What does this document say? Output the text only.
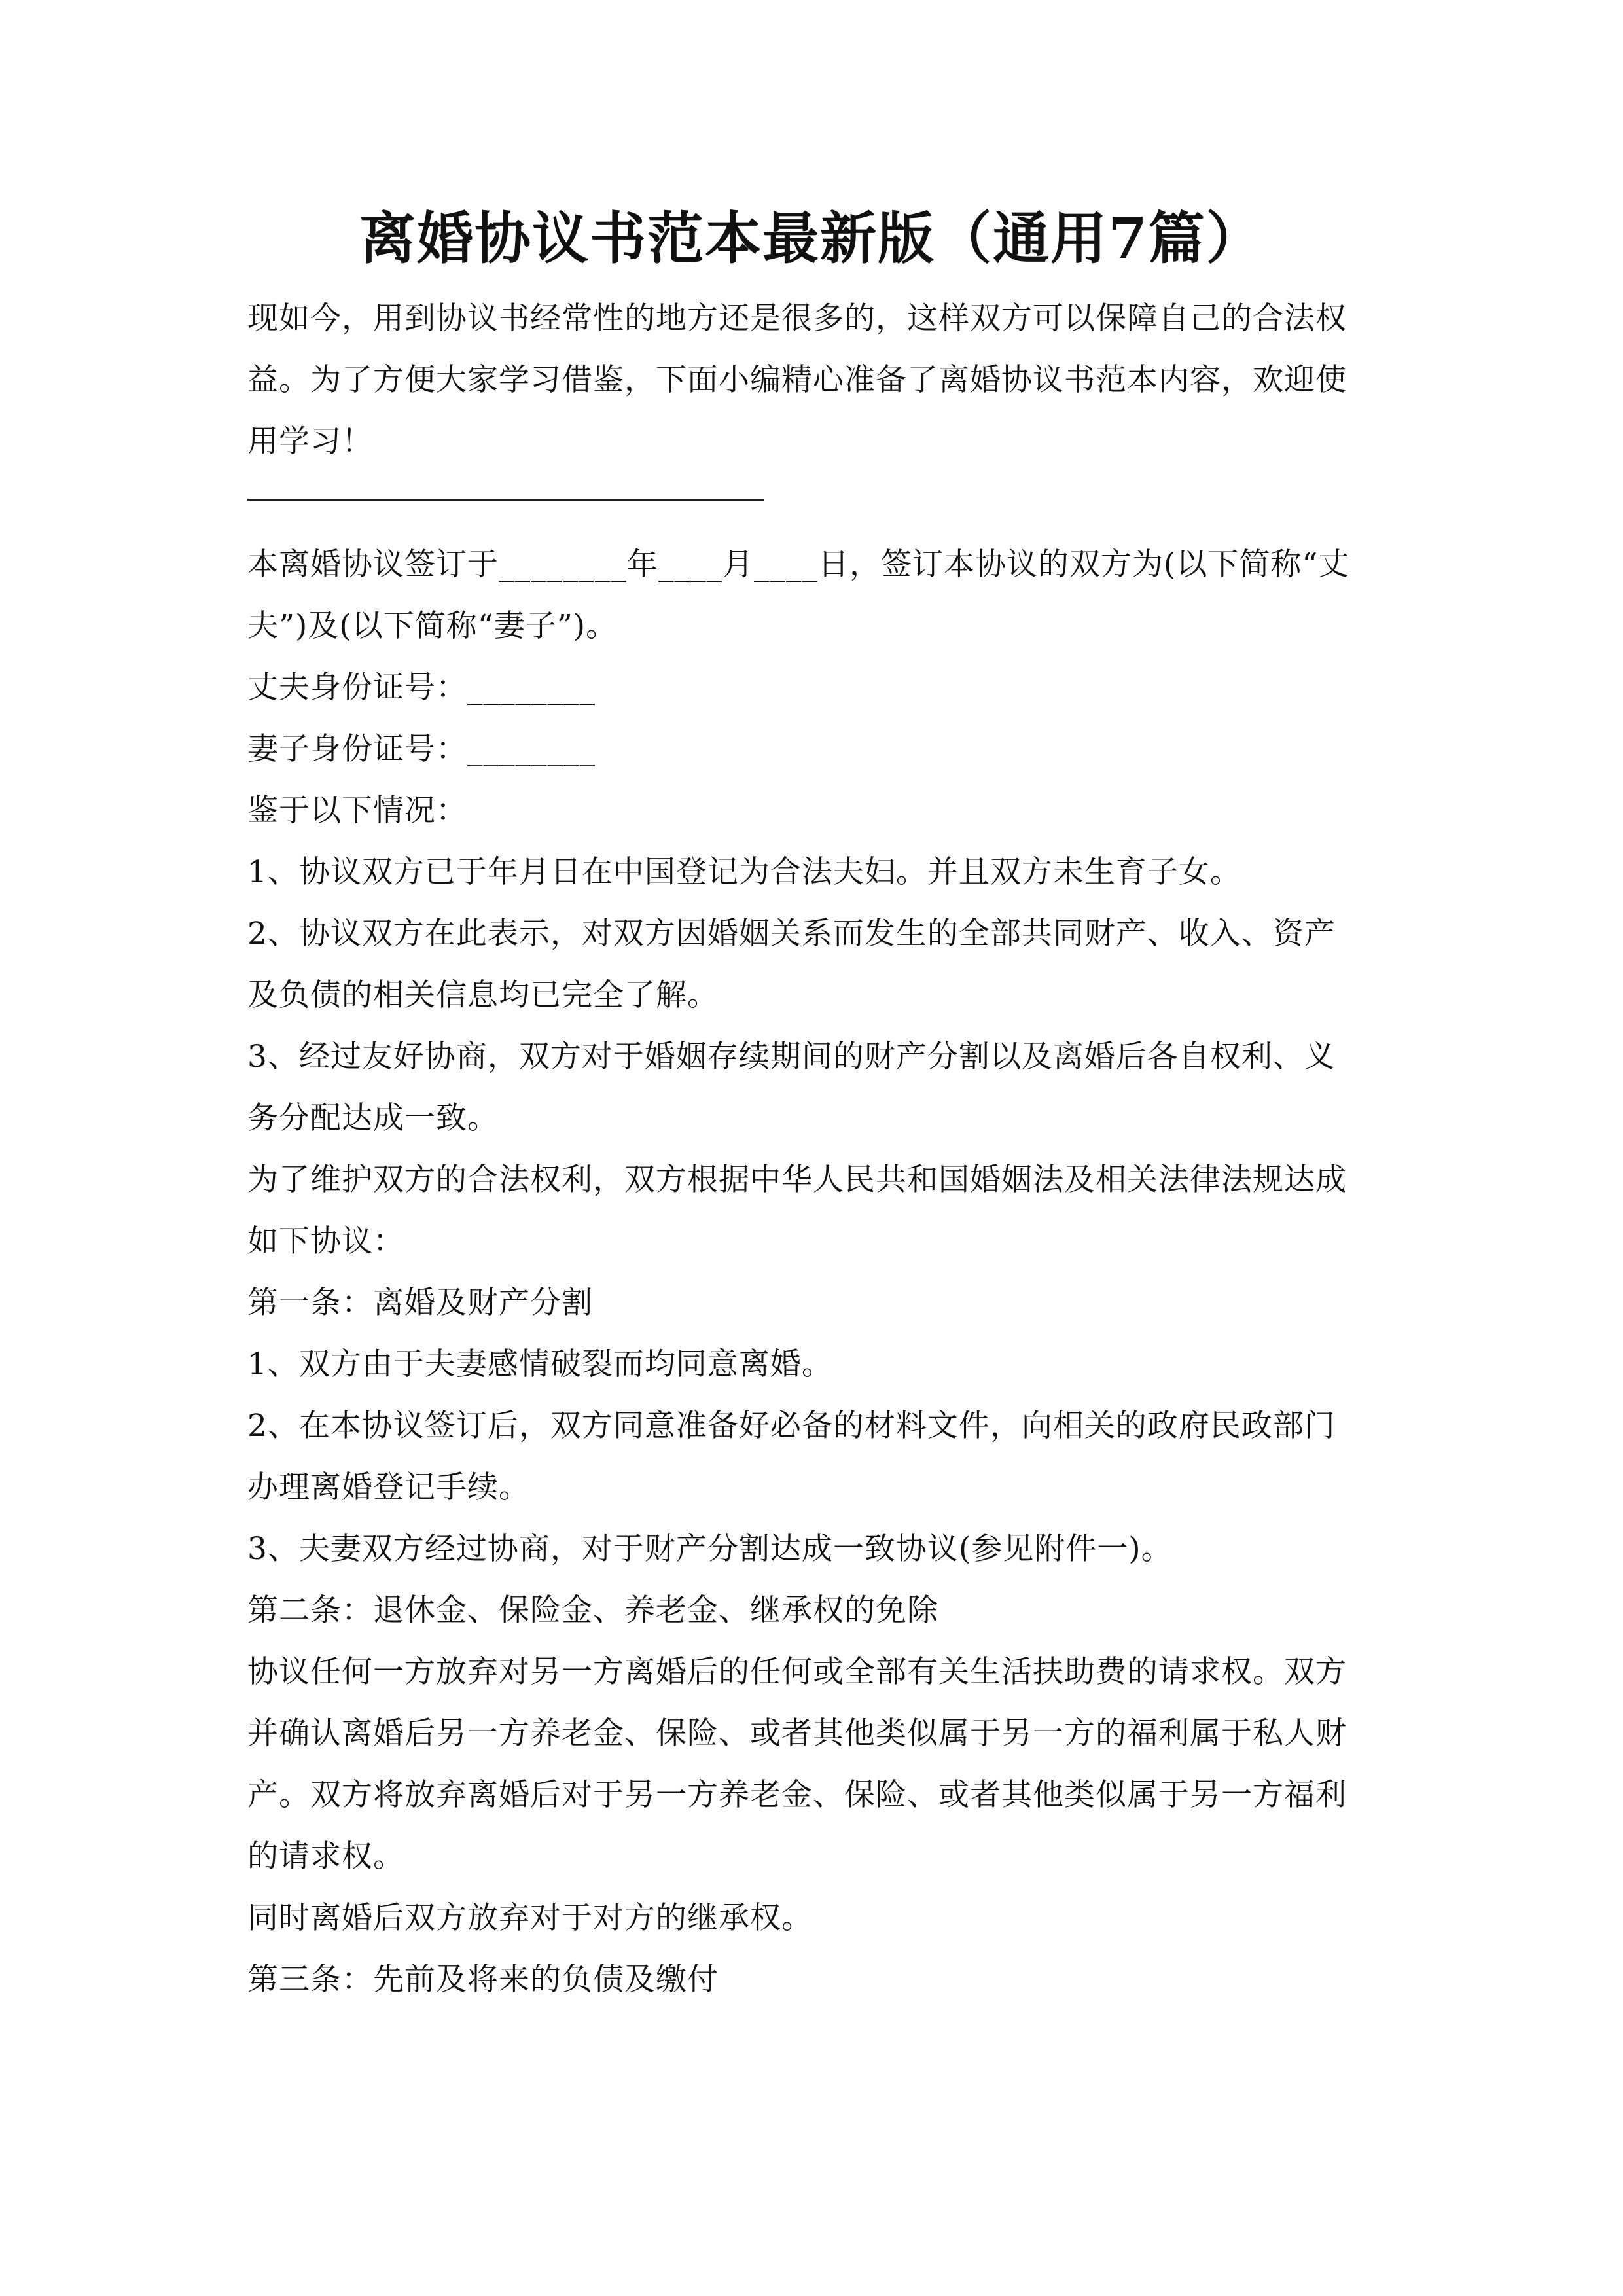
离婚协议书范本最新版（通用7篇）
现如今，用到协议书经常性的地方还是很多的，这样双方可以保障自己的合法权
益。为了方便大家学习借鉴，下面小编精心准备了离婚协议书范本内容，欢迎使
用学习！
本离婚协议签订于________年____月____日，签订本协议的双方为(以下简称“丈
夫”)及(以下简称“妻子”)。
丈夫身份证号：________
妻子身份证号：________
鉴于以下情况：
1、协议双方已于年月日在中国登记为合法夫妇。并且双方未生育子女。
2、协议双方在此表示，对双方因婚姻关系而发生的全部共同财产、收入、资产
及负债的相关信息均已完全了解。
3、经过友好协商，双方对于婚姻存续期间的财产分割以及离婚后各自权利、义
务分配达成一致。
为了维护双方的合法权利，双方根据中华人民共和国婚姻法及相关法律法规达成
如下协议：
第一条：离婚及财产分割
1、双方由于夫妻感情破裂而均同意离婚。
2、在本协议签订后，双方同意准备好必备的材料文件，向相关的政府民政部门
办理离婚登记手续。
3、夫妻双方经过协商，对于财产分割达成一致协议(参见附件一)。
第二条：退休金、保险金、养老金、继承权的免除
协议任何一方放弃对另一方离婚后的任何或全部有关生活扶助费的请求权。双方
并确认离婚后另一方养老金、保险、或者其他类似属于另一方的福利属于私人财
产。双方将放弃离婚后对于另一方养老金、保险、或者其他类似属于另一方福利
的请求权。
同时离婚后双方放弃对于对方的继承权。
第三条：先前及将来的负债及缴付
